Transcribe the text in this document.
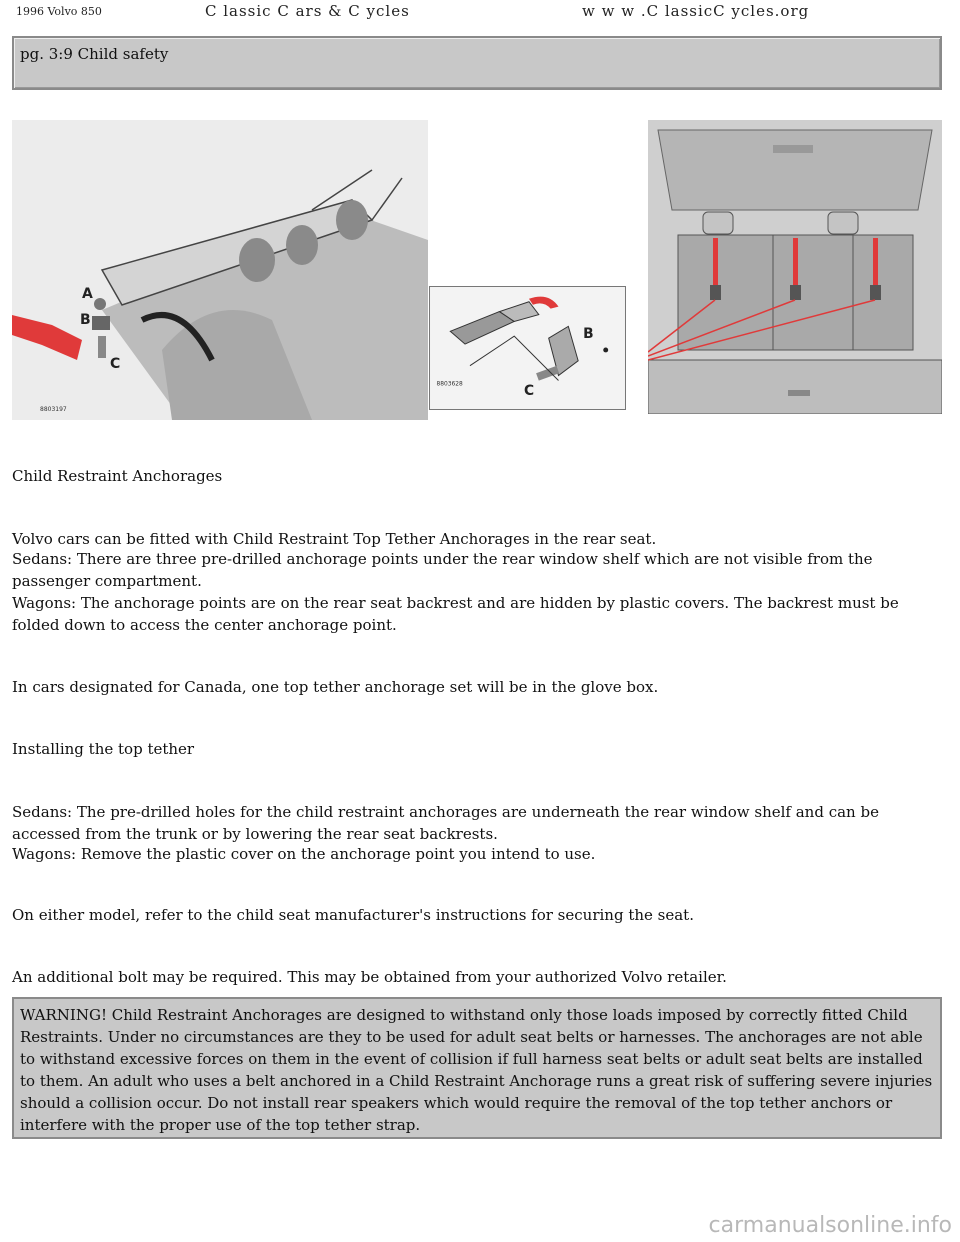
1996 Volvo 850	C lassic C ars & C ycles	w w w .C lassicC ycles.org
pg. 3:9 Child safety
A
B
C
8803197
B
C
8803628

Child Restraint Anchorages

Volvo cars can be fitted with Child Restraint Top Tether Anchorages in the rear seat.

Sedans: There are three pre-drilled anchorage points under the rear window shelf which are not visible from the passenger compartment.

Wagons: The anchorage points are on the rear seat backrest and are hidden by plastic covers. The backrest must be folded down to access the center anchorage point.

In cars designated for Canada, one top tether anchorage set will be in the glove box.

Installing the top tether

Sedans: The pre-drilled holes for the child restraint anchorages are underneath the rear window shelf and can be accessed from the trunk or by lowering the rear seat backrests.

Wagons: Remove the plastic cover on the anchorage point you intend to use.

On either model, refer to the child seat manufacturer's instructions for securing the seat.

An additional bolt may be required. This may be obtained from your authorized Volvo retailer.

WARNING! Child Restraint Anchorages are designed to withstand only those loads imposed by correctly fitted Child Restraints. Under no circumstances are they to be used for adult seat belts or harnesses. The anchorages are not able to withstand excessive forces on them in the event of collision if full harness seat belts or adult seat belts are installed to them. An adult who uses a belt anchored in a Child Restraint Anchorage runs a great risk of suffering severe injuries should a collision occur. Do not install rear speakers which would require the removal of the top tether anchors or interfere with the proper use of the top tether strap.

carmanualsonline.info
